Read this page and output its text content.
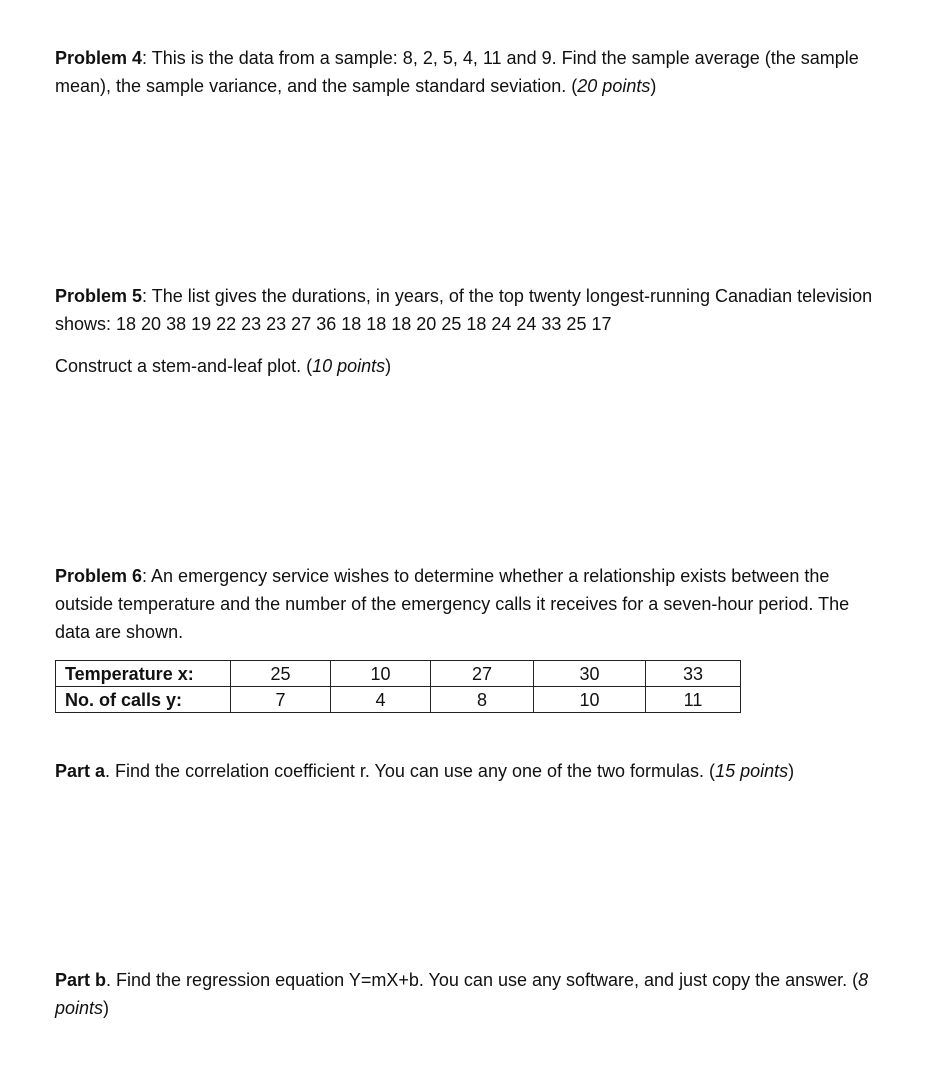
Problem 4: This is the data from a sample: 8, 2, 5, 4, 11 and 9. Find the sample average (the sample mean), the sample variance, and the sample standard seviation. (20 points)

Problem 5: The list gives the durations, in years, of the top twenty longest-running Canadian television shows: 18 20 38 19 22 23 23 27 36 18 18 18 20 25 18 24 24 33 25 17

Construct a stem-and-leaf plot. (10 points)

Problem 6: An emergency service wishes to determine whether a relationship exists between the outside temperature and the number of the emergency calls it receives for a seven-hour period. The data are shown.

Temperature x:	25	10	27	30	33
No. of calls y:	7	4	8	10	11

Part a. Find the correlation coefficient r. You can use any one of the two formulas. (15 points)

Part b. Find the regression equation Y=mX+b. You can use any software, and just copy the answer. (8 points)
